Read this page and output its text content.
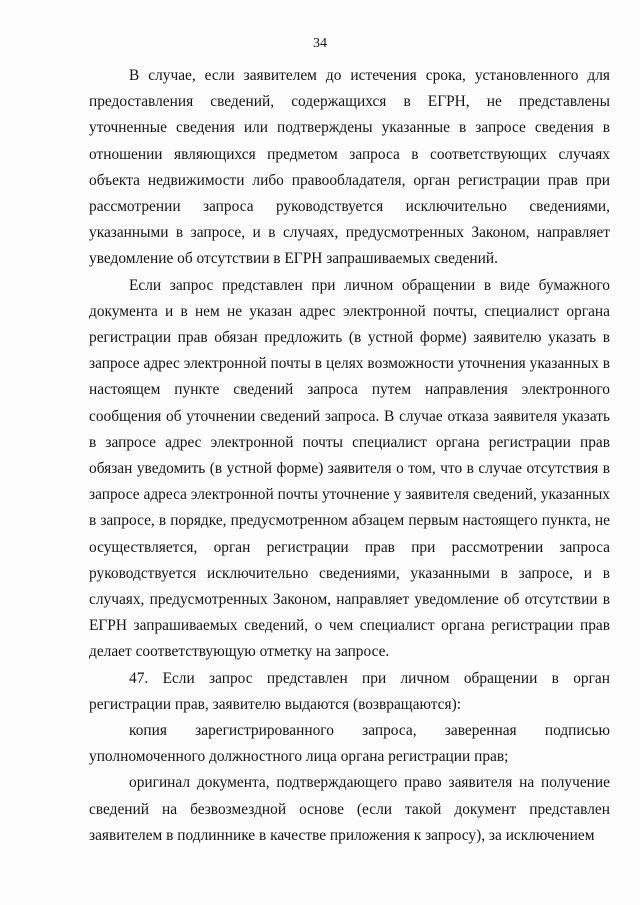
34

В случае, если заявителем до истечения срока, установленного для предоставления сведений, содержащихся в ЕГРН, не представлены уточненные сведения или подтверждены указанные в запросе сведения в отношении являющихся предметом запроса в соответствующих случаях объекта недвижимости либо правообладателя, орган регистрации прав при рассмотрении запроса руководствуется исключительно сведениями, указанными в запросе, и в случаях, предусмотренных Законом, направляет уведомление об отсутствии в ЕГРН запрашиваемых сведений.

Если запрос представлен при личном обращении в виде бумажного документа и в нем не указан адрес электронной почты, специалист органа регистрации прав обязан предложить (в устной форме) заявителю указать в запросе адрес электронной почты в целях возможности уточнения указанных в настоящем пункте сведений запроса путем направления электронного сообщения об уточнении сведений запроса. В случае отказа заявителя указать в запросе адрес электронной почты специалист органа регистрации прав обязан уведомить (в устной форме) заявителя о том, что в случае отсутствия в запросе адреса электронной почты уточнение у заявителя сведений, указанных в запросе, в порядке, предусмотренном абзацем первым настоящего пункта, не осуществляется, орган регистрации прав при рассмотрении запроса руководствуется исключительно сведениями, указанными в запросе, и в случаях, предусмотренных Законом, направляет уведомление об отсутствии в ЕГРН запрашиваемых сведений, о чем специалист органа регистрации прав делает соответствующую отметку на запросе.

47. Если запрос представлен при личном обращении в орган регистрации прав, заявителю выдаются (возвращаются):

копия зарегистрированного запроса, заверенная подписью уполномоченного должностного лица органа регистрации прав;

оригинал документа, подтверждающего право заявителя на получение сведений на безвозмездной основе (если такой документ представлен заявителем в подлиннике в качестве приложения к запросу), за исключением
